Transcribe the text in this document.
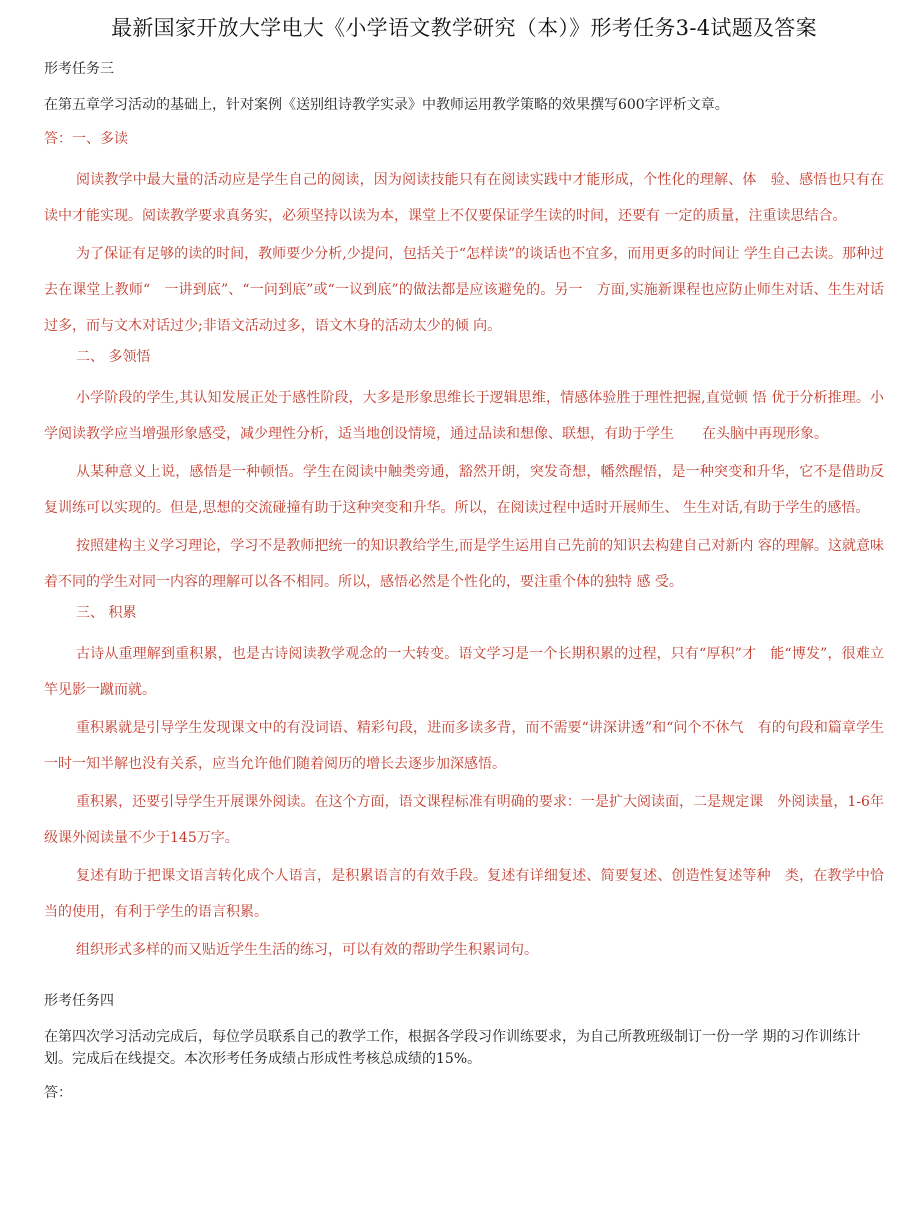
最新国家开放大学电大《小学语文教学研究（本）》形考任务3-4试题及答案
形考任务三
在第五章学习活动的基础上，针对案例《送别组诗教学实录》中教师运用教学策略的效果撰写600字评析文章。
答：一、多读

阅读教学中最大量的活动应是学生自己的阅读，因为阅读技能只有在阅读实践中才能形成，个性化的理解、体　验、感悟也只有在读中才能实现。阅读教学要求真务实，必须坚持以读为本，课堂上不仅要保证学生读的时间，还要有 一定的质量，注重读思结合。

为了保证有足够的读的时间，教师要少分析,少提问，包括关于“怎样读”的谈话也不宜多，而用更多的时间让 学生自己去读。那种过去在课堂上教师“　一讲到底”、“一问到底”或“一议到底”的做法都是应该避免的。另一　方面,实施新课程也应防止师生对话、生生对话过多，而与文木对话过少;非语文活动过多，语文木身的活动太少的倾 向。

二、 多领悟

小学阶段的学生,其认知发展正处于感性阶段，大多是形象思维长于逻辑思维，情感体验胜于理性把握,直觉顿 悟 优于分析推理。小学阅读教学应当增强形象感受，减少理性分析，适当地创设情境，通过品读和想像、联想，有助于学生　　在头脑中再现形象。

从某种意义上说，感悟是一种顿悟。学生在阅读中触类旁通，豁然开朗，突发奇想，幡然醒悟，是一种突变和升华，它不是借助反复训练可以实现的。但是,思想的交流碰撞有助于这种突变和升华。所以，在阅读过程中适时开展师生、 生生对话,有助于学生的感悟。

按照建构主义学习理论，学习不是教师把统一的知识教给学生,而是学生运用自己先前的知识去构建自己对新内 容的理解。这就意味着不同的学生对同一内容的理解可以各不相同。所以，感悟必然是个性化的，要注重个体的独特 感 受。

三、 积累

古诗从重理解到重积累，也是古诗阅读教学观念的一大转变。语文学习是一个长期积累的过程，只有“厚积”才　能“博发”，很难立竿见影一蹴而就。

重积累就是引导学生发现课文中的有没词语、精彩句段，进而多读多背，而不需要“讲深讲透”和“问个不休气　有的句段和篇章学生一时一知半解也没有关系，应当允许他们随着阅历的增长去逐步加深感悟。

重积累，还要引导学生开展课外阅读。在这个方面，语文课程标准有明确的要求：一是扩大阅读面，二是规定课　外阅读量，1-6年级课外阅读量不少于145万字。

复述有助于把课文语言转化成个人语言，是积累语言的有效手段。复述有详细复述、简要复述、创造性复述等种　类，在教学中恰当的使用，有利于学生的语言积累。

组织形式多样的而又贴近学生生活的练习，可以有效的帮助学生积累词句。

形考任务四
在第四次学习活动完成后，每位学员联系自己的教学工作，根据各学段习作训练要求，为自己所教班级制订一份一学 期的习作训练计划。完成后在线提交。本次形考任务成绩占形成性考核总成绩的15%。
答：
